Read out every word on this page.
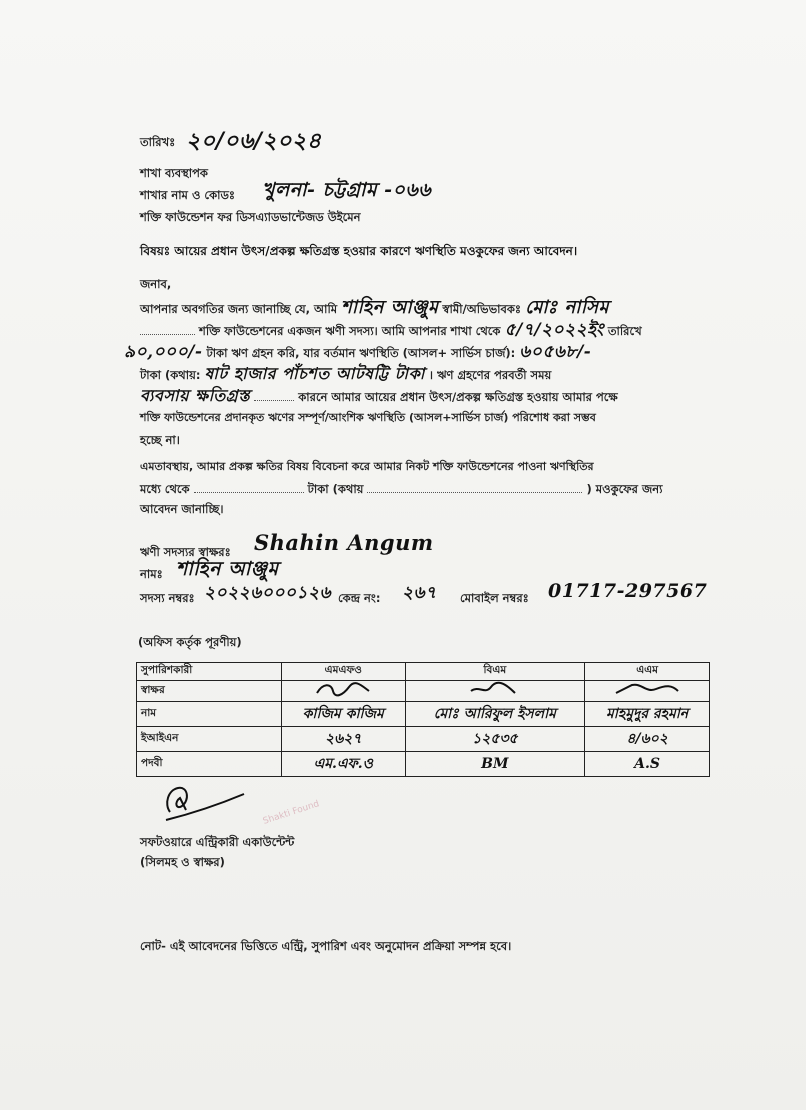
তারিখঃ ২০/০৬/২০২৪
শাখা ব্যবস্থাপক
শাখার নাম ও কোডঃ খুলনা- চট্টগ্রাম -০৬৬
শক্তি ফাউন্ডেশন ফর ডিসএ্যাডভান্টেজড উইমেন
বিষয়ঃ আয়ের প্রধান উৎস/প্রকল্প ক্ষতিগ্রস্ত হওয়ার কারণে ঋণস্থিতি মওকুফের জন্য আবেদন।
জনাব,
আপনার অবগতির জন্য জানাচ্ছি যে, আমি শাহিন আঞ্জুম স্বামী/অভিভাবকঃ মোঃ নাসিম
শক্তি ফাউন্ডেশনের একজন ঋণী সদস্য। আমি আপনার শাখা থেকে ৫/৭/২০২২ইং তারিখে
৯০,০০০/- টাকা ঋণ গ্রহন করি, যার বর্তমান ঋণস্থিতি (আসল+ সার্ভিস চার্জ): ৬০৫৬৮/-
টাকা (কথায়: ষাট হাজার পাঁচশত আটষট্টি টাকা । ঋণ গ্রহণের পরবর্তী সময়
ব্যবসায় ক্ষতিগ্রস্ত	কারনে আমার আয়ের প্রধান উৎস/প্রকল্প ক্ষতিগ্রস্ত হওয়ায় আমার পক্ষে
শক্তি ফাউন্ডেশনের প্রদানকৃত ঋণের সম্পূর্ণ/আংশিক ঋণস্থিতি (আসল+সার্ভিস চার্জ) পরিশোধ করা সম্ভব
হচ্ছে না।
এমতাবস্থায়, আমার প্রকল্প ক্ষতির বিষয় বিবেচনা করে আমার নিকট শক্তি ফাউন্ডেশনের পাওনা ঋণস্থিতির
মধ্যে থেকে	টাকা (কথায়	) মওকুফের জন্য
আবেদন জানাচ্ছি।
ঋণী সদস্যর স্বাক্ষরঃ Shahin Angum
নামঃ শাহিন আঞ্জুম
সদস্য নম্বরঃ ২০২২৬০০০১২৬ কেন্দ্র নং: ২৬৭ মোবাইল নম্বরঃ 01717-297567
(অফিস কর্তৃক পূরণীয়)
সুপারিশকারী	এমএফও	বিএম	এএম
স্বাক্ষর			
নাম	কাজিম কাজিম	মোঃ আরিফুল ইসলাম	মাহমুদুর রহমান
ইআইএন	২৬২৭	১২৫৩৫	৪/৬০২
পদবী	এম.এফ.ও	BM	A.S
Shakti Found
সফটওয়ারে এন্ট্রিকারী একাউন্টেন্ট
(সিলমহ ও স্বাক্ষর)
নোট- এই আবেদনের ভিত্তিতে এন্ট্রি, সুপারিশ এবং অনুমোদন প্রক্রিয়া সম্পন্ন হবে।
